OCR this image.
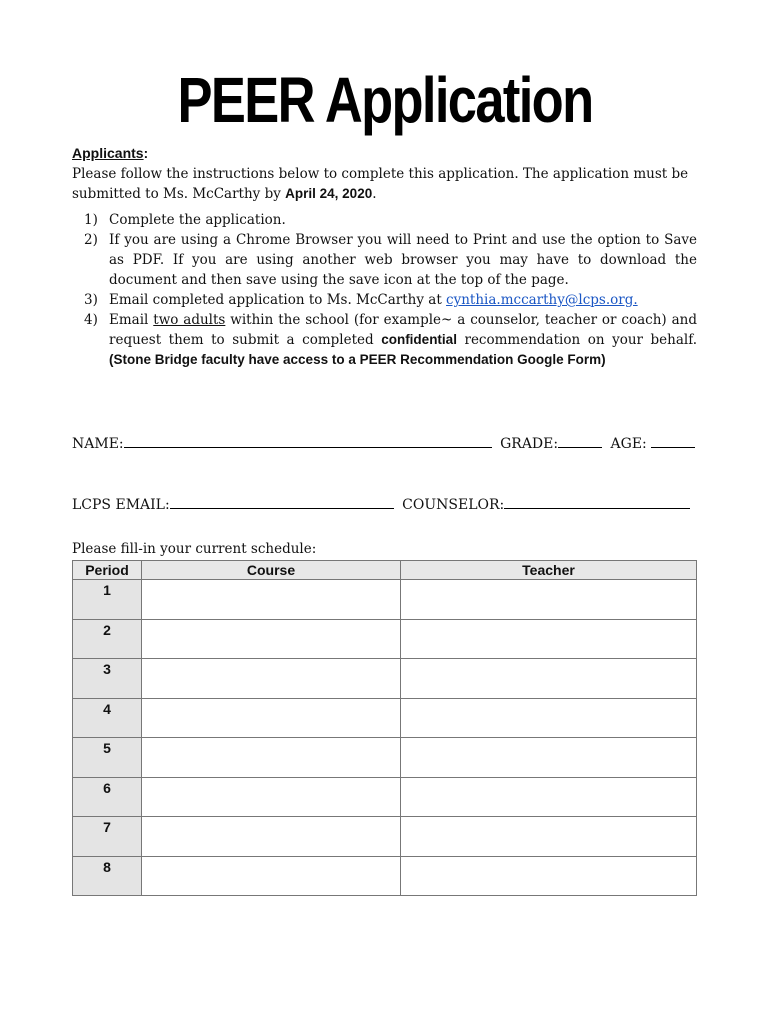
PEER Application
Applicants:
Please follow the instructions below to complete this application. The application must be submitted to Ms. McCarthy by April 24, 2020.
1) Complete the application.
2) If you are using a Chrome Browser you will need to Print and use the option to Save as PDF. If you are using another web browser you may have to download the document and then save using the save icon at the top of the page.
3) Email completed application to Ms. McCarthy at cynthia.mccarthy@lcps.org.
4) Email two adults within the school (for example~ a counselor, teacher or coach) and request them to submit a completed confidential recommendation on your behalf. (Stone Bridge faculty have access to a PEER Recommendation Google Form)
NAME:	GRADE:	AGE:
LCPS EMAIL:	COUNSELOR:
Please fill-in your current schedule:
Period	Course	Teacher
1		
2		
3		
4		
5		
6		
7		
8		
